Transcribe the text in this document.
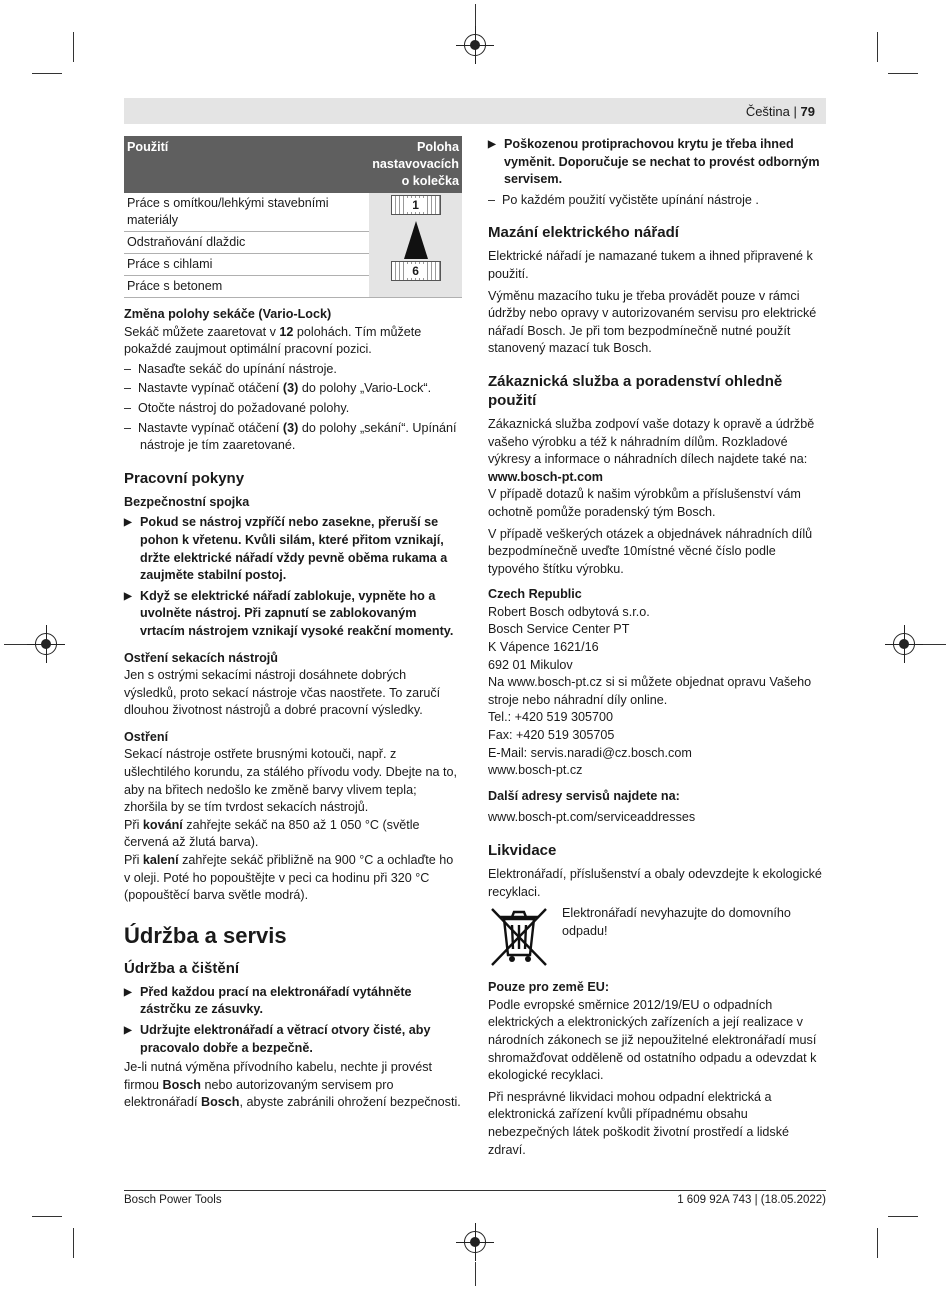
Čeština | 79
Použití	Poloha
nastavovacích
o kolečka
Práce s omítkou/lehkými stavebními materiály	1
6

Odstraňování dlaždic	
Práce s cihlami	
Práce s betonem	
Změna polohy sekáče (Vario-Lock)

Sekáč můžete zaaretovat v 12 polohách. Tím můžete pokaždé zaujmout optimální pracovní pozici.

–  Nasaďte sekáč do upínání nástroje.

–  Nastavte vypínač otáčení (3) do polohy „Vario-Lock“.

–  Otočte nástroj do požadované polohy.

–  Nastavte vypínač otáčení (3) do polohy „sekání“. Upínání nástroje je tím zaaretované.

Pracovní pokyny
Bezpečnostní spojka

▶ Pokud se nástroj vzpříčí nebo zasekne, přeruší se pohon k vřetenu. Kvůli silám, které přitom vznikají, držte elektrické nářadí vždy pevně oběma rukama a zaujměte stabilní postoj.

▶ Když se elektrické nářadí zablokuje, vypněte ho a uvolněte nástroj. Při zapnutí se zablokovaným vrtacím nástrojem vznikají vysoké reakční momenty.

Ostření sekacích nástrojů

Jen s ostrými sekacími nástroji dosáhnete dobrých výsledků, proto sekací nástroje včas naostřete. To zaručí dlouhou životnost nástrojů a dobré pracovní výsledky.

Ostření

Sekací nástroje ostřete brusnými kotouči, např. z ušlechtilého korundu, za stálého přívodu vody. Dbejte na to, aby na břitech nedošlo ke změně barvy vlivem tepla; zhoršila by se tím tvrdost sekacích nástrojů.

Při kování zahřejte sekáč na 850 až 1 050 °C (světle červená až žlutá barva).

Při kalení zahřejte sekáč přibližně na 900 °C a ochlaďte ho v oleji. Poté ho popouštějte v peci ca hodinu při 320 °C (popouštěcí barva světle modrá).

Údržba a servis
Údržba a čištění

▶ Před každou prací na elektronářadí vytáhněte zástrčku ze zásuvky.

▶ Udržujte elektronářadí a větrací otvory čisté, aby pracovalo dobře a bezpečně.

Je-li nutná výměna přívodního kabelu, nechte ji provést firmou Bosch nebo autorizovaným servisem pro elektronářadí Bosch, abyste zabránili ohrožení bezpečnosti.

▶ Poškozenou protiprachovou krytu je třeba ihned vyměnit. Doporučuje se nechat to provést odborným servisem.

–  Po každém použití vyčistěte upínání nástroje .

Mazání elektrického nářadí

Elektrické nářadí je namazané tukem a ihned připravené k použití.

Výměnu mazacího tuku je třeba provádět pouze v rámci údržby nebo opravy v autorizovaném servisu pro elektrické nářadí Bosch. Je při tom bezpodmínečně nutné použít stanovený mazací tuk Bosch.

Zákaznická služba a poradenství ohledně použití

Zákaznická služba zodpoví vaše dotazy k opravě a údržbě vašeho výrobku a též k náhradním dílům. Rozkladové výkresy a informace o náhradních dílech najdete také na:

www.bosch-pt.com

V případě dotazů k našim výrobkům a příslušenství vám ochotně pomůže poradenský tým Bosch.

V případě veškerých otázek a objednávek náhradních dílů bezpodmínečně uveďte 10místné věcné číslo podle typového štítku výrobku.

Czech Republic

Robert Bosch odbytová s.r.o.

Bosch Service Center PT

K Vápence 1621/16

692 01 Mikulov

Na www.bosch-pt.cz si si můžete objednat opravu Vašeho stroje nebo náhradní díly online.

Tel.: +420 519 305700

Fax: +420 519 305705

E-Mail: servis.naradi@cz.bosch.com

www.bosch-pt.cz

Další adresy servisů najdete na:

www.bosch-pt.com/serviceaddresses

Likvidace

Elektronářadí, příslušenství a obaly odevzdejte k ekologické recyklaci.

Elektronářadí nevyhazujte do domovního odpadu!

Pouze pro země EU:

Podle evropské směrnice 2012/19/EU o odpadních elektrických a elektronických zařízeních a její realizace v národních zákonech se již nepoužitelné elektronářadí musí shromažďovat odděleně od ostatního odpadu a odevzdat k ekologické recyklaci.

Při nesprávné likvidaci mohou odpadní elektrická a elektronická zařízení kvůli případnému obsahu nebezpečných látek poškodit životní prostředí a lidské zdraví.

Bosch Power Tools	1 609 92A 743 | (18.05.2022)
